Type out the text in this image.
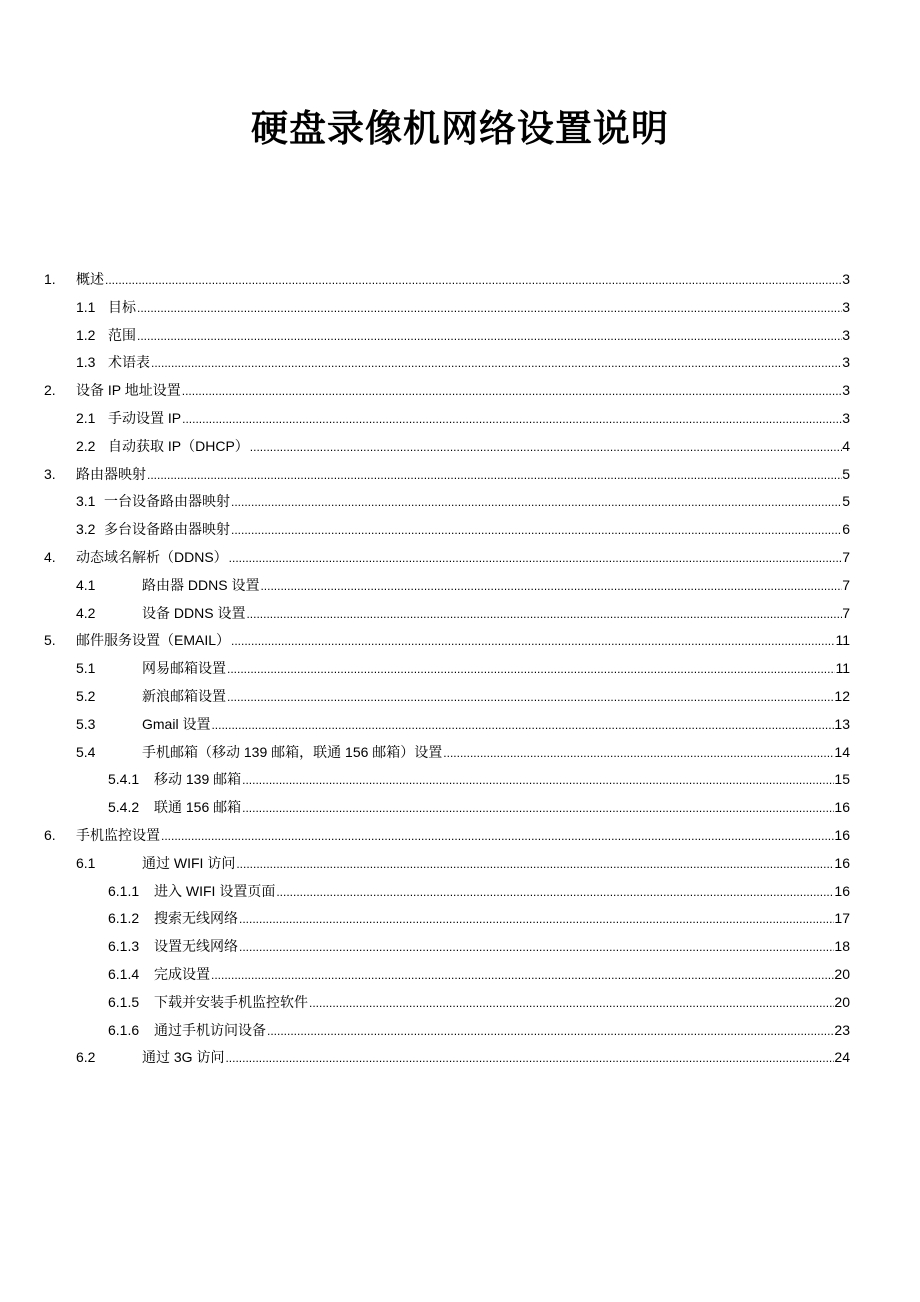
硬盘录像机网络设置说明
1.	概述 .....	3
1.1 目标 .....	3
1.2 范围 .....	3
1.3 术语表 .....	3
2.	设备 IP 地址设置 .....	3
2.1 手动设置 IP .....	3
2.2 自动获取 IP（DHCP） .....	4
3.	路由器映射 .....	5
3.1 一台设备路由器映射 .....	5
3.2 多台设备路由器映射 .....	6
4.	动态域名解析（DDNS） .....	7
4.1	路由器 DDNS 设置 .....	7
4.2	设备 DDNS 设置 .....	7
5.	邮件服务设置（EMAIL） .....	11
5.1	网易邮箱设置 .....	11
5.2	新浪邮箱设置 .....	12
5.3	Gmail 设置 .....	13
5.4	手机邮箱（移动 139 邮箱，联通 156 邮箱）设置 .....	14
5.4.1	移动 139 邮箱 .....	15
5.4.2	联通 156 邮箱 .....	16
6.	手机监控设置 .....	16
6.1	通过 WIFI 访问 .....	16
6.1.1	进入 WIFI 设置页面 .....	16
6.1.2	搜索无线网络 .....	17
6.1.3	设置无线网络 .....	18
6.1.4	完成设置 .....	20
6.1.5	下载并安装手机监控软件 .....	20
6.1.6	通过手机访问设备 .....	23
6.2	通过 3G 访问 .....	24
